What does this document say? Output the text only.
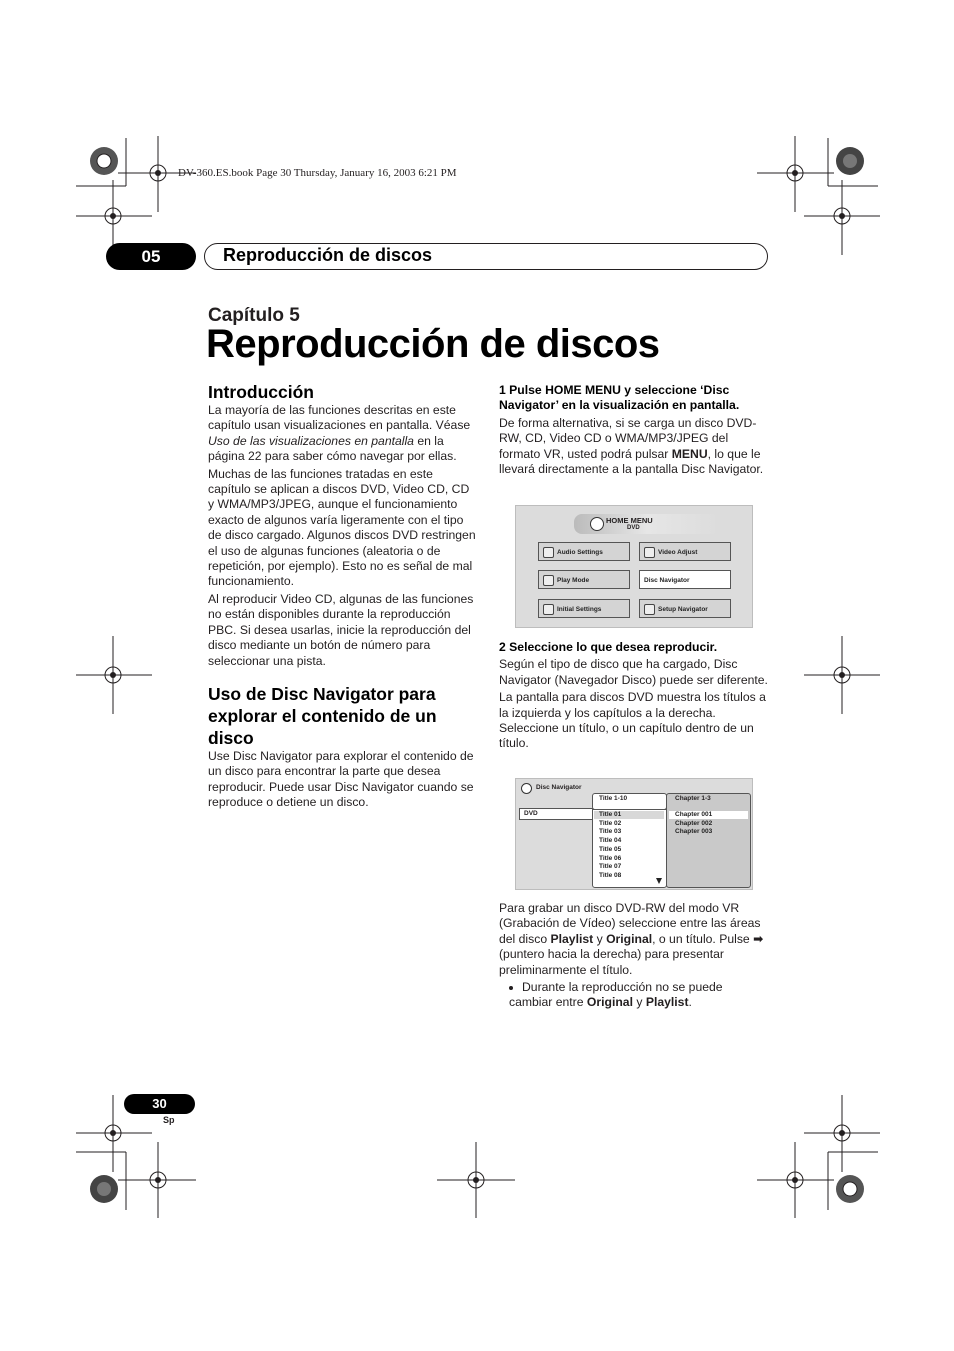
DV-360.ES.book Page 30 Thursday, January 16, 2003 6:21 PM
05	Reproducción de discos
Capítulo 5
Reproducción de discos
Introducción

La mayoría de las funciones descritas en este capítulo usan visualizaciones en pantalla. Véase Uso de las visualizaciones en pantalla en la página 22 para saber cómo navegar por ellas.

Muchas de las funciones tratadas en este capítulo se aplican a discos DVD, Video CD, CD y WMA/MP3/JPEG, aunque el funcionamiento exacto de algunos varía ligeramente con el tipo de disco cargado. Algunos discos DVD restringen el uso de algunas funciones (aleatoria o de repetición, por ejemplo). Esto no es señal de mal funcionamiento.

Al reproducir Video CD, algunas de las funciones no están disponibles durante la reproducción PBC. Si desea usarlas, inicie la reproducción del disco mediante un botón de número para seleccionar una pista.

Uso de Disc Navigator para explorar el contenido de un disco

Use Disc Navigator para explorar el contenido de un disco para encontrar la parte que desea reproducir. Puede usar Disc Navigator cuando se reproduce o detiene un disco.

1 Pulse HOME MENU y seleccione ‘Disc Navigator’ en la visualización en pantalla.

De forma alternativa, si se carga un disco DVD-RW, CD, Video CD o WMA/MP3/JPEG del formato VR, usted podrá pulsar MENU, lo que le llevará directamente a la pantalla Disc Navigator.

HOME MENU
DVD
Audio Settings	Video Adjust
Play Mode	Disc Navigator
Initial Settings	Setup Navigator

2 Seleccione lo que desea reproducir.

Según el tipo de disco que ha cargado, Disc Navigator (Navegador Disco) puede ser diferente.

La pantalla para discos DVD muestra los títulos a la izquierda y los capítulos a la derecha. Seleccione un título, o un capítulo dentro de un título.

Disc Navigator
DVD
Title 1-10
Title 01
Title 02
Title 03
Title 04
Title 05
Title 06
Title 07
Title 08
Chapter 1-3
Chapter 001
Chapter 002
Chapter 003

Para grabar un disco DVD-RW del modo VR (Grabación de Vídeo) seleccione entre las áreas del disco Playlist y Original, o un título. Pulse ➡ (puntero hacia la derecha) para presentar preliminarmente el título.

Durante la reproducción no se puede cambiar entre Original y Playlist.

30
Sp
